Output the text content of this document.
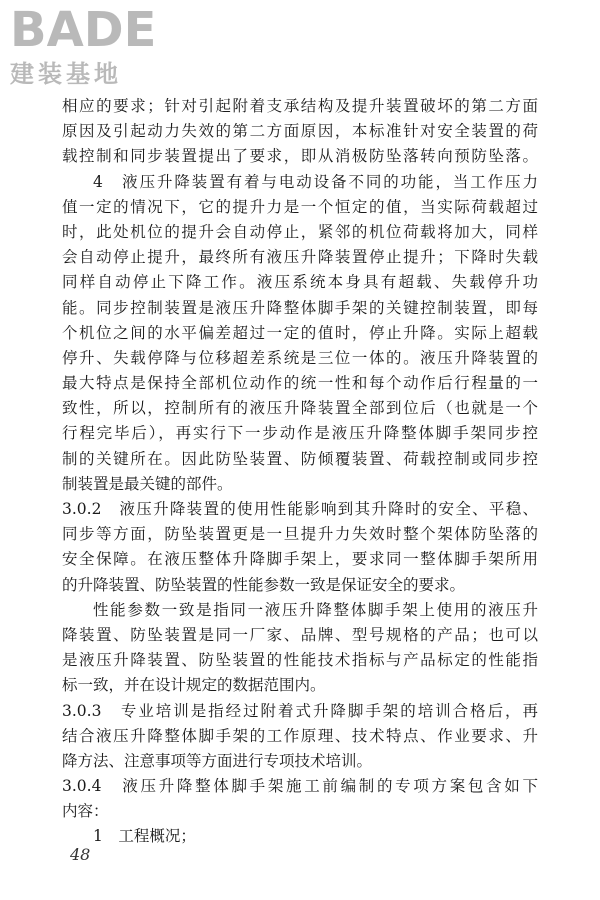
BADE
建装基地
相应的要求；针对引起附着支承结构及提升装置破坏的第二方面
原因及引起动力失效的第二方面原因，本标准针对安全装置的荷
载控制和同步装置提出了要求，即从消极防坠落转向预防坠落。
4　液压升降装置有着与电动设备不同的功能，当工作压力
值一定的情况下，它的提升力是一个恒定的值，当实际荷载超过
时，此处机位的提升会自动停止，紧邻的机位荷载将加大，同样
会自动停止提升，最终所有液压升降装置停止提升；下降时失载
同样自动停止下降工作。液压系统本身具有超载、失载停升功
能。同步控制装置是液压升降整体脚手架的关键控制装置，即每
个机位之间的水平偏差超过一定的值时，停止升降。实际上超载
停升、失载停降与位移超差系统是三位一体的。液压升降装置的
最大特点是保持全部机位动作的统一性和每个动作后行程量的一
致性，所以，控制所有的液压升降装置全部到位后（也就是一个
行程完毕后），再实行下一步动作是液压升降整体脚手架同步控
制的关键所在。因此防坠装置、防倾覆装置、荷载控制或同步控
制装置是最关键的部件。
3.0.2　液压升降装置的使用性能影响到其升降时的安全、平稳、
同步等方面，防坠装置更是一旦提升力失效时整个架体防坠落的
安全保障。在液压整体升降脚手架上，要求同一整体脚手架所用
的升降装置、防坠装置的性能参数一致是保证安全的要求。
性能参数一致是指同一液压升降整体脚手架上使用的液压升
降装置、防坠装置是同一厂家、品牌、型号规格的产品；也可以
是液压升降装置、防坠装置的性能技术指标与产品标定的性能指
标一致，并在设计规定的数据范围内。
3.0.3　专业培训是指经过附着式升降脚手架的培训合格后，再
结合液压升降整体脚手架的工作原理、技术特点、作业要求、升
降方法、注意事项等方面进行专项技术培训。
3.0.4　液压升降整体脚手架施工前编制的专项方案包含如下
内容：
1　工程概况；
48
